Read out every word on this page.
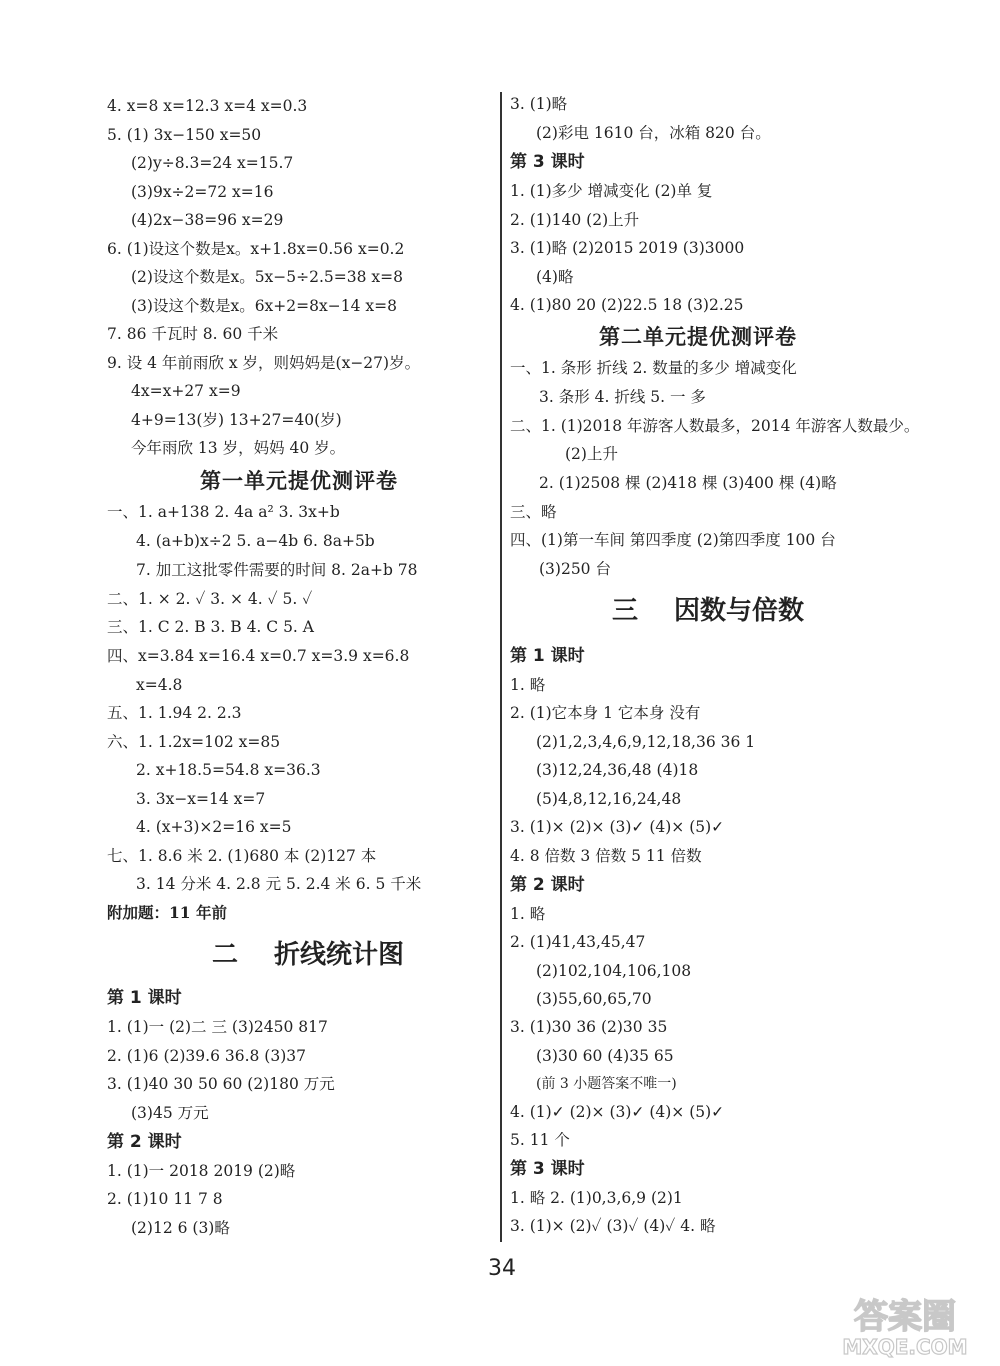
4. x=8 x=12.3 x=4 x=0.3
5. (1) 3x−150 x=50
(2)y÷8.3=24 x=15.7
(3)9x÷2=72 x=16
(4)2x−38=96 x=29
6. (1)设这个数是x。x+1.8x=0.56 x=0.2
(2)设这个数是x。5x−5÷2.5=38 x=8
(3)设这个数是x。6x+2=8x−14 x=8
7. 86 千瓦时 8. 60 千米
9. 设 4 年前雨欣 x 岁，则妈妈是(x−27)岁。
4x=x+27 x=9
4+9=13(岁) 13+27=40(岁)
今年雨欣 13 岁，妈妈 40 岁。
第一单元提优测评卷
一、1. a+138 2. 4a a² 3. 3x+b
4. (a+b)x÷2 5. a−4b 6. 8a+5b
7. 加工这批零件需要的时间 8. 2a+b 78
二、1. × 2. ✓ 3. × 4. ✓ 5. ✓
三、1. C 2. B 3. B 4. C 5. A
四、x=3.84 x=16.4 x=0.7 x=3.9 x=6.8
x=4.8
五、1. 1.94 2. 2.3
六、1. 1.2x=102 x=85
2. x+18.5=54.8 x=36.3
3. 3x−x=14 x=7
4. (x+3)×2=16 x=5
七、1. 8.6 米 2. (1)680 本 (2)127 本
3. 14 分米 4. 2.8 元 5. 2.4 米 6. 5 千米
附加题：11 年前
二 折线统计图
第 1 课时
1. (1)一 (2)二 三 (3)2450 817
2. (1)6 (2)39.6 36.8 (3)37
3. (1)40 30 50 60 (2)180 万元
(3)45 万元
第 2 课时
1. (1)一 2018 2019 (2)略
2. (1)10 11 7 8
(2)12 6 (3)略
3. (1)略
(2)彩电 1610 台，冰箱 820 台。
第 3 课时
1. (1)多少 增减变化 (2)单 复
2. (1)140 (2)上升
3. (1)略 (2)2015 2019 (3)3000
(4)略
4. (1)80 20 (2)22.5 18 (3)2.25
第二单元提优测评卷
一、1. 条形 折线 2. 数量的多少 增减变化
3. 条形 4. 折线 5. 一 多
二、1. (1)2018 年游客人数最多，2014 年游客人数最少。
(2)上升
2. (1)2508 棵 (2)418 棵 (3)400 棵 (4)略
三、略
四、(1)第一车间 第四季度 (2)第四季度 100 台
(3)250 台
三 因数与倍数
第 1 课时
1. 略
2. (1)它本身 1 它本身 没有
(2)1,2,3,4,6,9,12,18,36 36 1
(3)12,24,36,48 (4)18
(5)4,8,12,16,24,48
3. (1)× (2)× (3)✓ (4)× (5)✓
4. 8 倍数 3 倍数 5 11 倍数
第 2 课时
1. 略
2. (1)41,43,45,47
(2)102,104,106,108
(3)55,60,65,70
3. (1)30 36 (2)30 35
(3)30 60 (4)35 65
(前 3 小题答案不唯一)
4. (1)✓ (2)× (3)✓ (4)× (5)✓
5. 11 个
第 3 课时
1. 略 2. (1)0,3,6,9 (2)1
3. (1)× (2)✓ (3)✓ (4)✓ 4. 略
34
答案圈
MXQE.COM
